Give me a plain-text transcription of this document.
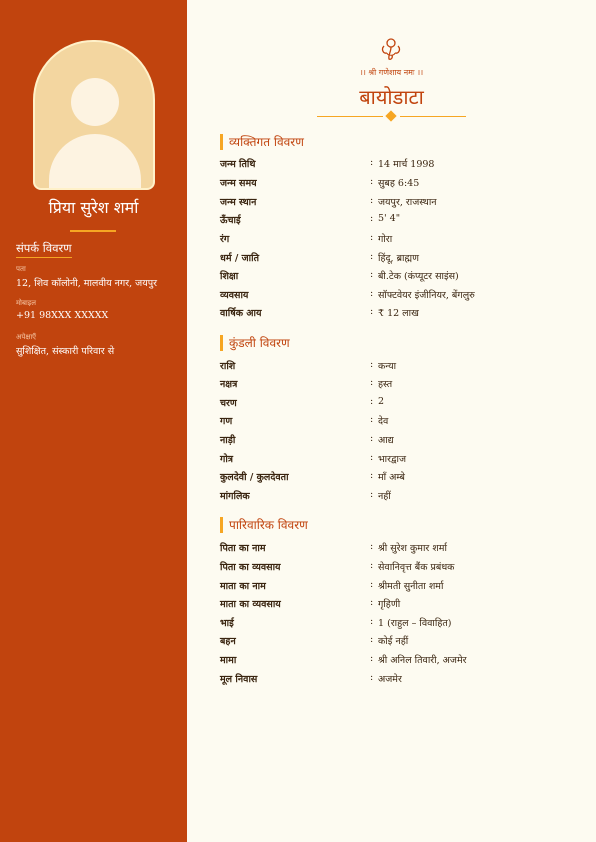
प्रिया सुरेश शर्मा
संपर्क विवरण
पता
12, शिव कॉलोनी, मालवीय नगर, जयपुर
मोबाइल
+91 98XXX XXXXX
अपेक्षाएँ
सुशिक्षित, संस्कारी परिवार से
।। श्री गणेशाय नमः ।।
बायोडाटा
व्यक्तिगत विवरण
जन्म तिथि	: 14 मार्च 1998
जन्म समय	: सुबह 6:45
जन्म स्थान	: जयपुर, राजस्थान
ऊँचाई	: 5' 4"
रंग	: गोरा
धर्म / जाति	: हिंदू, ब्राह्मण
शिक्षा	: बी.टेक (कंप्यूटर साइंस)
व्यवसाय	: सॉफ्टवेयर इंजीनियर, बेंगलुरु
वार्षिक आय	: ₹ 12 लाख
कुंडली विवरण
राशि	: कन्या
नक्षत्र	: हस्त
चरण	: 2
गण	: देव
नाड़ी	: आद्य
गोत्र	: भारद्वाज
कुलदेवी / कुलदेवता	: माँ अम्बे
मांगलिक	: नहीं
पारिवारिक विवरण
पिता का नाम	: श्री सुरेश कुमार शर्मा
पिता का व्यवसाय	: सेवानिवृत्त बैंक प्रबंधक
माता का नाम	: श्रीमती सुनीता शर्मा
माता का व्यवसाय	: गृहिणी
भाई	: 1 (राहुल – विवाहित)
बहन	: कोई नहीं
मामा	: श्री अनिल तिवारी, अजमेर
मूल निवास	: अजमेर
